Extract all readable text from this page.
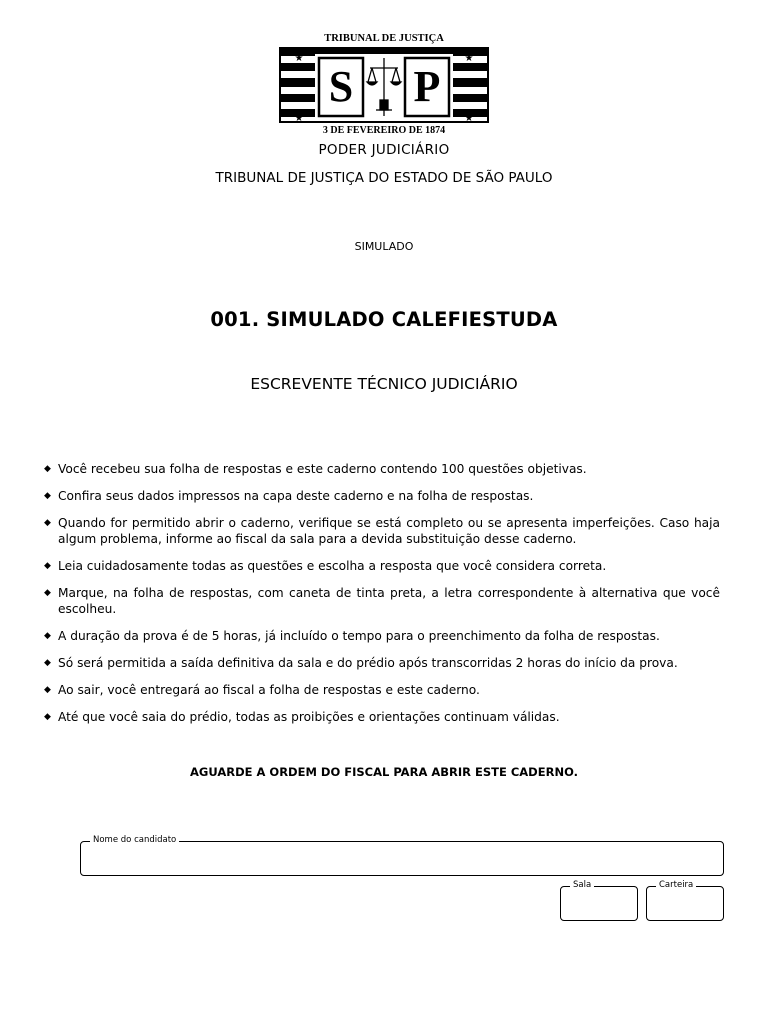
TRIBUNAL DE JUSTIÇA
S P
★	★
★	★
3 DE FEVEREIRO DE 1874
PODER JUDICIÁRIO
TRIBUNAL DE JUSTIÇA DO ESTADO DE SÃO PAULO
SIMULADO
001. SIMULADO CALEFIESTUDA
ESCREVENTE TÉCNICO JUDICIÁRIO
◆ Você recebeu sua folha de respostas e este caderno contendo 100 questões objetivas.
◆ Confira seus dados impressos na capa deste caderno e na folha de respostas.
◆ Quando for permitido abrir o caderno, verifique se está completo ou se apresenta imperfeições. Caso haja algum problema, informe ao fiscal da sala para a devida substituição desse caderno.
◆ Leia cuidadosamente todas as questões e escolha a resposta que você considera correta.
◆ Marque, na folha de respostas, com caneta de tinta preta, a letra correspondente à alternativa que você escolheu.
◆ A duração da prova é de 5 horas, já incluído o tempo para o preenchimento da folha de respostas.
◆ Só será permitida a saída definitiva da sala e do prédio após transcorridas 2 horas do início da prova.
◆ Ao sair, você entregará ao fiscal a folha de respostas e este caderno.
◆ Até que você saia do prédio, todas as proibições e orientações continuam válidas.
AGUARDE A ORDEM DO FISCAL PARA ABRIR ESTE CADERNO.
Nome do candidato
Sala	Carteira
